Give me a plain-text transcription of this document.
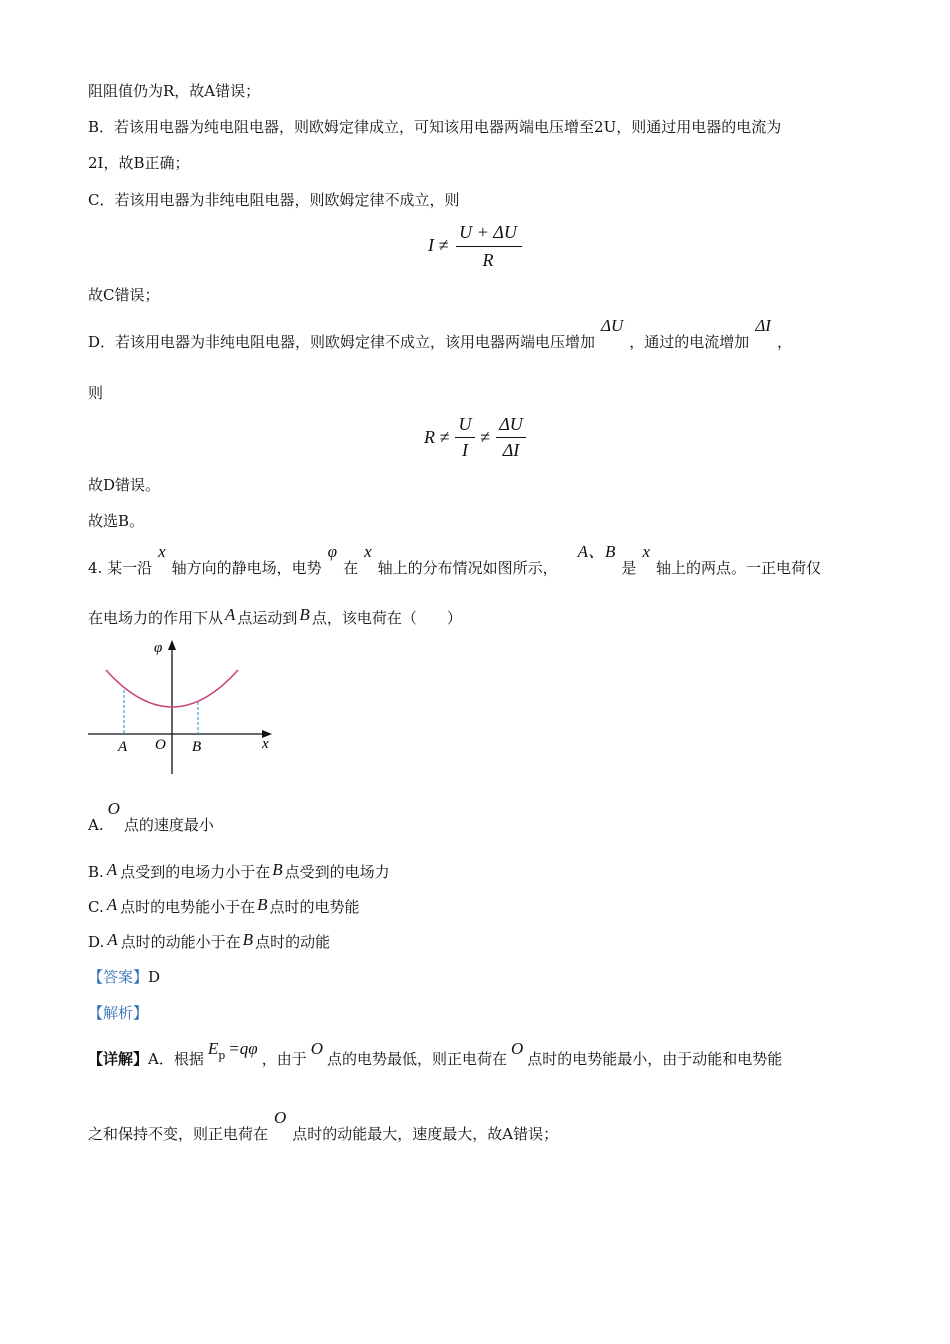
阻阻值仍为R，故A错误；
B．若该用电器为纯电阻电器，则欧姆定律成立，可知该用电器两端电压增至2U，则通过用电器的电流为
2I，故B正确；
C．若该用电器为非纯电阻电器，则欧姆定律不成立，则
I ≠
U + ΔU
R
故C错误；
D．若该用电器为非纯电阻电器，则欧姆定律不成立，该用电器两端电压增加ΔU，通过的电流增加ΔI，
则
R ≠
U
I
≠
ΔU
ΔI
故D错误。
故选B。
4. 某一沿x轴方向的静电场，电势φ在x轴上的分布情况如图所示，A、B是x轴上的两点。一正电荷仅
在电场力的作用下从 A 点运动到 B 点，该电荷在（　　）
φ
x
O
A	B
A.O点的速度最小
B. A 点受到的电场力小于在 B 点受到的电场力
C. A 点时的电势能小于在 B 点时的电势能
D. A 点时的动能小于在 B 点时的动能
【答案】D
【解析】
【详解】A．根据$E^p =q\varphi$，由于O点的电势最低，则正电荷在O点时的电势能最小，由于动能和电势能
之和保持不变，则正电荷在O点时的动能最大，速度最大，故A错误；
